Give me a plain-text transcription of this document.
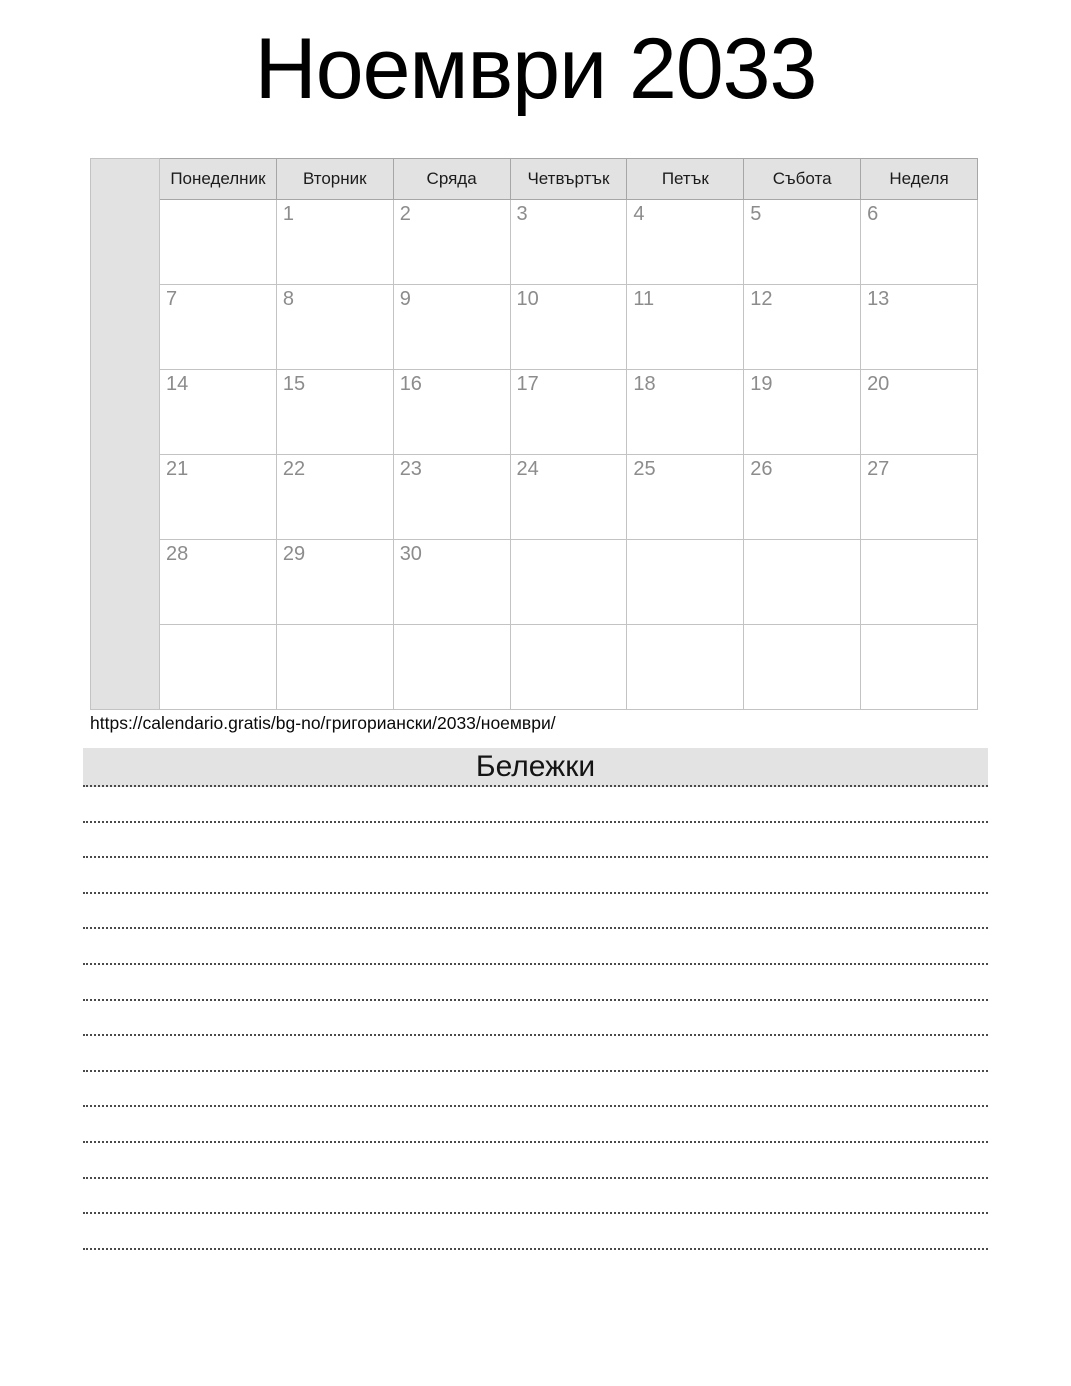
Ноември 2033
	Понеделник	Вторник	Сряда	Четвъртък	Петък	Събота	Неделя

		1	2	3	4	5	6

	7	8	9	10	11	12	13

	14	15	16	17	18	19	20

	21	22	23	24	25	26	27

	28	29	30				

https://calendario.gratis/bg-no/григориански/2033/ноември/
Бележки
